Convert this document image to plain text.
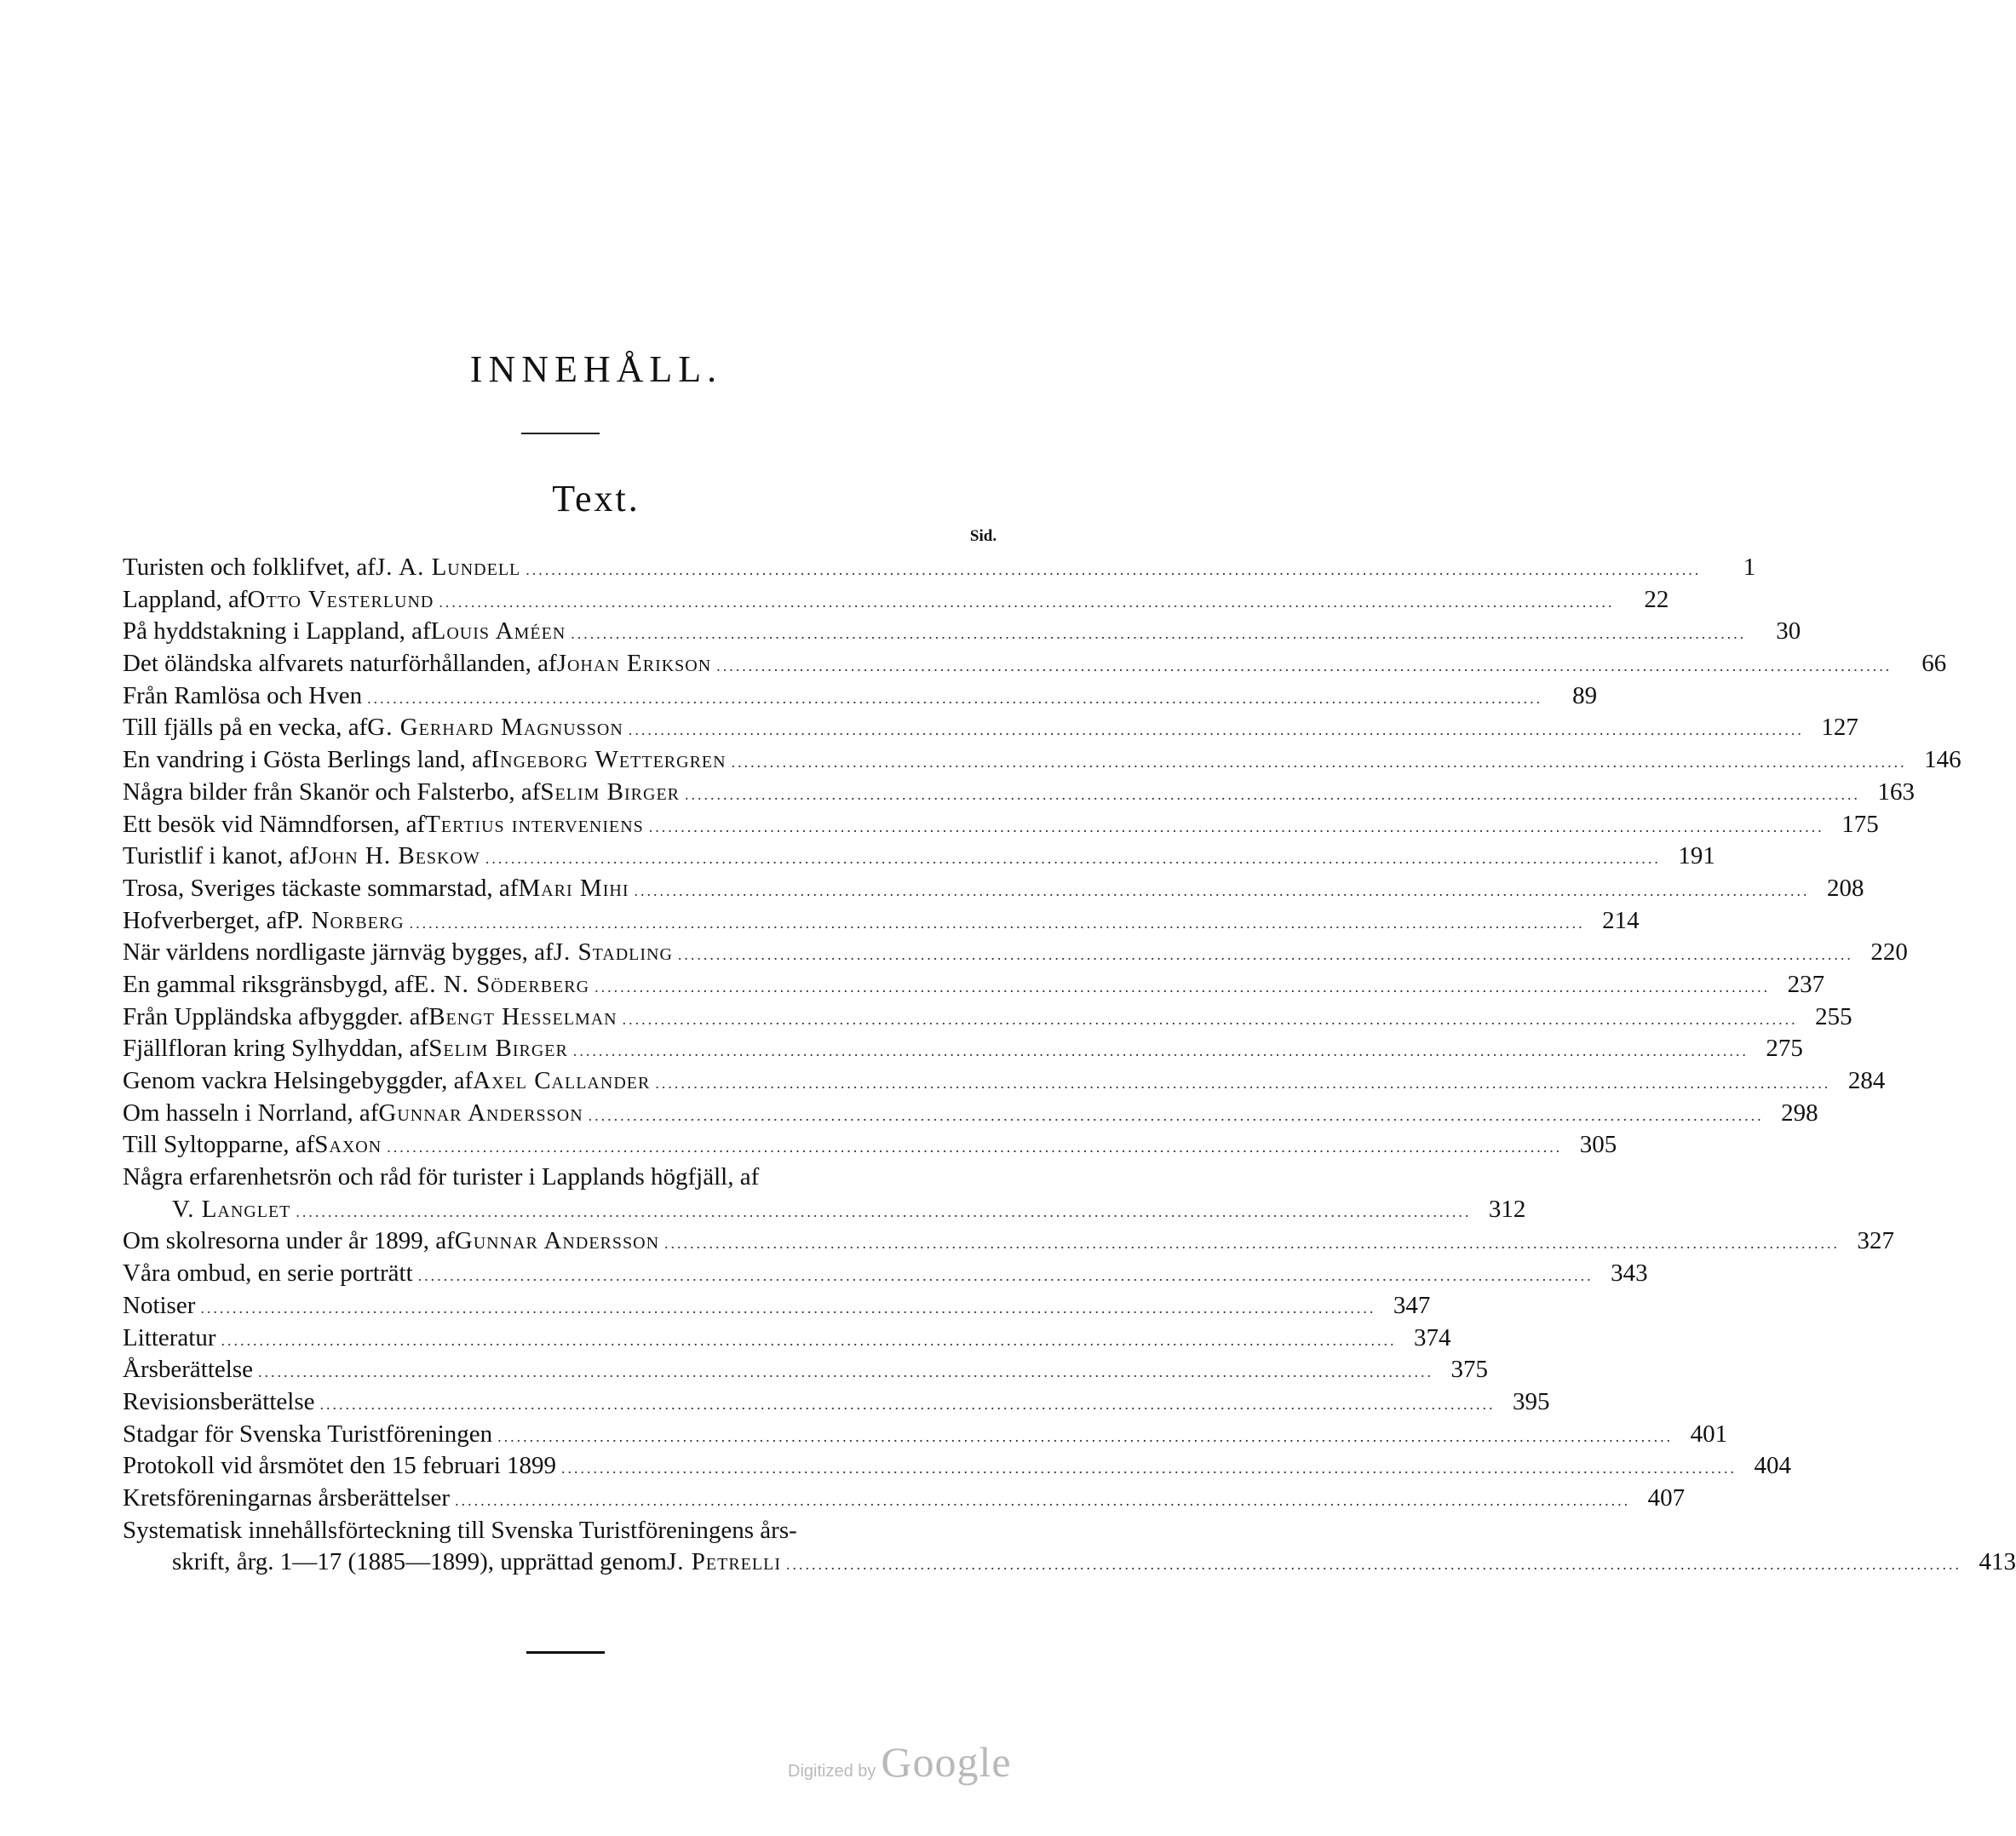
INNEHÅLL.
Text.
Sid.
Turisten och folklifvet, af J. A. Lundell .....	1
Lappland, af Otto Vesterlund .....	22
På hyddstakning i Lappland, af Louis Améen .....	30
Det öländska alfvarets naturförhållanden, af Johan Erikson .....	66
Från Ramlösa och Hven .....	89
Till fjälls på en vecka, af G. Gerhard Magnusson .....	127
En vandring i Gösta Berlings land, af Ingeborg Wettergren .....	146
Några bilder från Skanör och Falsterbo, af Selim Birger .....	163
Ett besök vid Nämndforsen, af Tertius interveniens .....	175
Turistlif i kanot, af John H. Beskow .....	191
Trosa, Sveriges täckaste sommarstad, af Mari Mihi .....	208
Hofverberget, af P. Norberg .....	214
När världens nordligaste järnväg bygges, af J. Stadling .....	220
En gammal riksgränsbygd, af E. N. Söderberg .....	237
Från Uppländska afbyggder. af Bengt Hesselman .....	255
Fjällfloran kring Sylhyddan, af Selim Birger .....	275
Genom vackra Helsingebyggder, af Axel Callander .....	284
Om hasseln i Norrland, af Gunnar Andersson .....	298
Till Syltopparne, af Saxon .....	305
Några erfarenhetsrön och råd för turister i Lapplands högfjäll, af
V. Langlet .....	312
Om skolresorna under år 1899, af Gunnar Andersson .....	327
Våra ombud, en serie porträtt .....	343
Notiser .....	347
Litteratur .....	374
Årsberättelse .....	375
Revisionsberättelse .....	395
Stadgar för Svenska Turistföreningen .....	401
Protokoll vid årsmötet den 15 februari 1899 .....	404
Kretsföreningarnas årsberättelser .....	407
Systematisk innehållsförteckning till Svenska Turistföreningens års-
skrift, årg. 1—17 (1885—1899), upprättad genom J. Petrelli .....	413
Digitized by Google
